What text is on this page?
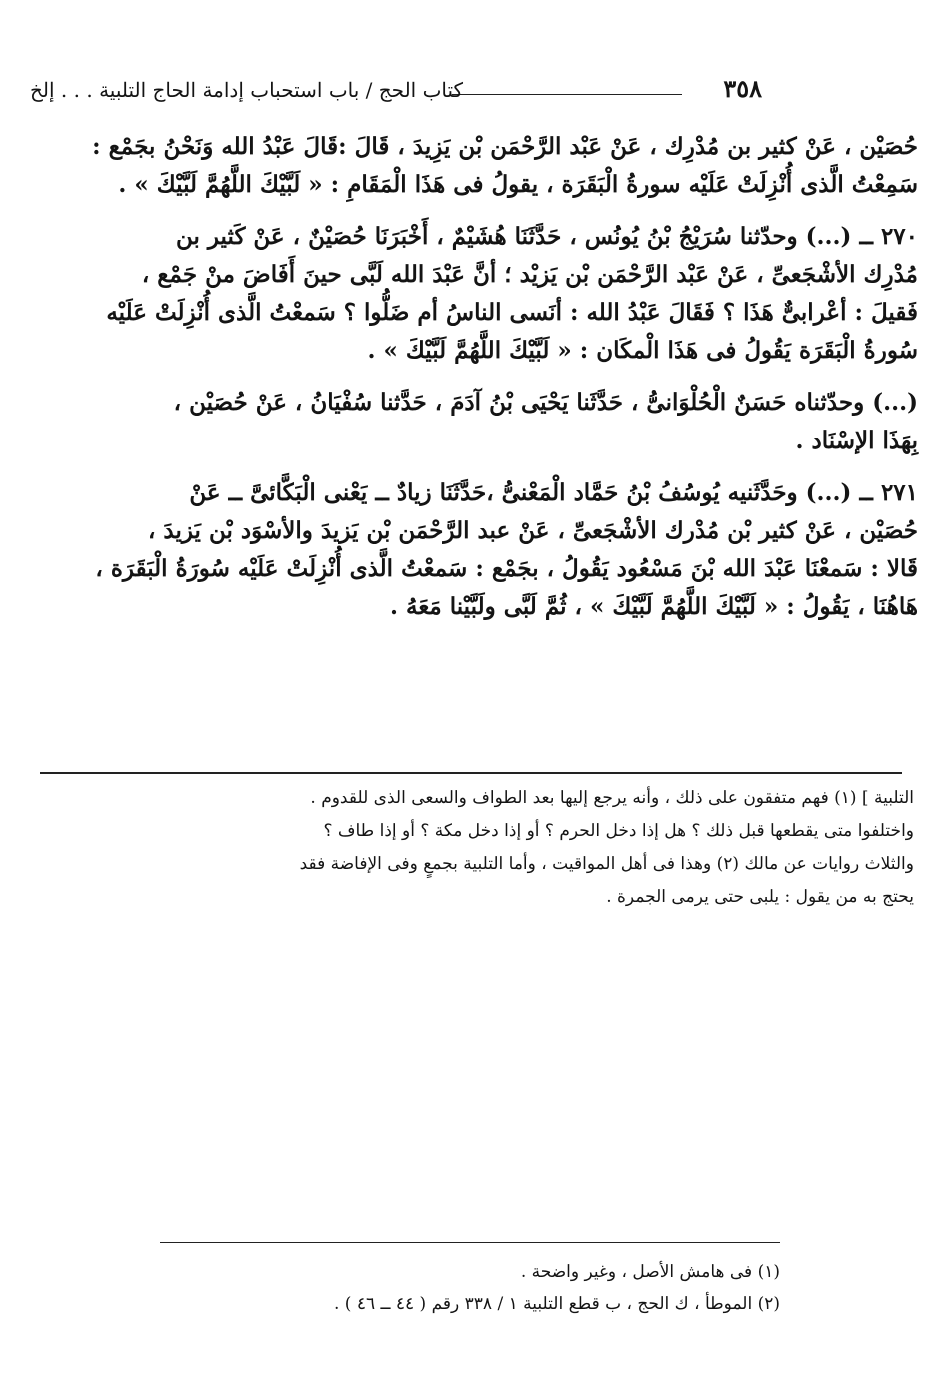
٣٥٨
كتاب الحج / باب استحباب إدامة الحاج التلبية . . . إلخ

حُصَيْن ، عَنْ كثير بن مُدْرِك ، عَنْ عَبْد الرَّحْمَن بْن يَزِيدَ ، قَالَ :قَالَ عَبْدُ الله وَنَحْنُ بجَمْع :
سَمِعْتُ الَّذى أُنْزِلَتْ عَلَيْه سورةُ الْبَقَرَة ، يقولُ فى هَذَا الْمَقَامِ : « لَبَّيْكَ اللَّهُمَّ لَبَّيْكَ » .

٢٧٠ ــ (...) وحدّثنا سُرَيْجُ بْنُ يُونُس ، حَدَّثَنَا هُشَيْمٌ ، أَخْبَرَنَا حُصَيْنٌ ، عَنْ كَثير بن
مُدْرِك الأشْجَعىِّ ، عَنْ عَبْد الرَّحْمَن بْن يَزيْد ؛ أنَّ عَبْدَ الله لَبَّى حينَ أَفَاضَ منْ جَمْع ،
فَقيلَ : أعْرابىٌّ هَذَا ؟ فَقَالَ عَبْدُ الله : أنَسى الناسُ أم ضَلُّوا ؟ سَمعْتُ الَّذى أُنْزِلَتْ عَلَيْه
سُورةُ الْبَقَرَة يَقُولُ فى هَذَا الْمكَان : « لَبَّيْكَ اللَّهُمَّ لَبَّيْكَ » .

(...) وحدّثناه حَسَنٌ الْحُلْوَانىُّ ، حَدَّثَنا يَحْيَى بْنُ آدَمَ ، حَدَّثنا سُفْيَانُ ، عَنْ حُصَيْن ،
بِهَذَا الإسْنَاد .

٢٧١ ــ (...) وحَدَّثَنيه يُوسُفُ بْنُ حَمَّاد الْمَعْنىُّ ،حَدَّثَنَا زيادٌ ــ يَعْنى الْبَكَّائىَّ ــ عَنْ
حُصَيْن ، عَنْ كثير بْن مُدْرك الأشْجَعىِّ ، عَنْ عبد الرَّحْمَن بْن يَزيدَ والأسْوَد بْن يَزيدَ ،
قَالا : سَمعْنَا عَبْدَ الله بْنَ مَسْعُود يَقُولُ ، بجَمْع : سَمعْتُ الَّذى أُنْزِلَتْ عَلَيْه سُورَةُ الْبَقَرَة ،
هَاهُنَا ، يَقُولُ : « لَبَّيْكَ اللَّهُمَّ لَبَّيْكَ » ، ثُمَّ لَبَّى ولَبَّيْنا مَعَهُ .

التلبية ] (١) فهم متفقون على ذلك ، وأنه يرجع إليها بعد الطواف والسعى الذى للقدوم .
واختلفوا متى يقطعها قبل ذلك ؟ هل إذا دخل الحرم ؟ أو إذا دخل مكة ؟ أو إذا طاف ؟
والثلاث روايات عن مالك (٢) وهذا فى أهل المواقيت ، وأما التلبية بجمعٍ وفى الإفاضة فقد
يحتج به من يقول : يلبى حتى يرمى الجمرة .

(١) فى هامش الأصل ، وغير واضحة .

(٢) الموطأ ، ك الحج ، ب قطع التلبية ١ / ٣٣٨ رقم ( ٤٤ ــ ٤٦ ) .
